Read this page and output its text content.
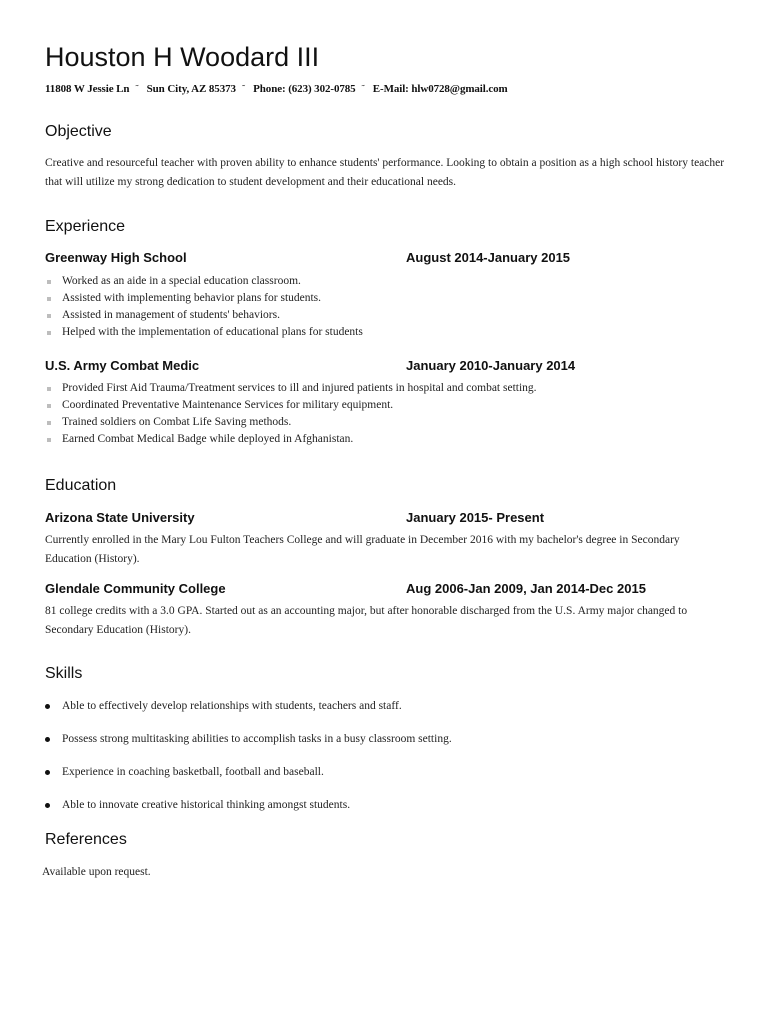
Houston H Woodard III
11808 W Jessie Ln ˜ Sun City, AZ 85373 ˜ Phone: (623) 302-0785 ˜ E-Mail: hlw0728@gmail.com
Objective
Creative and resourceful teacher with proven ability to enhance students' performance. Looking to obtain a position as a high school history teacher that will utilize my strong dedication to student development and their educational needs.
Experience
Greenway High School	August 2014-January 2015
Worked as an aide in a special education classroom.
Assisted with implementing behavior plans for students.
Assisted in management of students' behaviors.
Helped with the implementation of educational plans for students
U.S. Army Combat Medic	January 2010-January 2014
Provided First Aid Trauma/Treatment services to ill and injured patients in hospital and combat setting.
Coordinated Preventative Maintenance Services for military equipment.
Trained soldiers on Combat Life Saving methods.
Earned Combat Medical Badge while deployed in Afghanistan.
Education
Arizona State University	January 2015- Present
Currently enrolled in the Mary Lou Fulton Teachers College and will graduate in December 2016 with my bachelor's degree in Secondary Education (History).
Glendale Community College	Aug 2006-Jan 2009, Jan 2014-Dec 2015
81 college credits with a 3.0 GPA. Started out as an accounting major, but after honorable discharged from the U.S. Army major changed to Secondary Education (History).
Skills
Able to effectively develop relationships with students, teachers and staff.
Possess strong multitasking abilities to accomplish tasks in a busy classroom setting.
Experience in coaching basketball, football and baseball.
Able to innovate creative historical thinking amongst students.
References
Available upon request.
